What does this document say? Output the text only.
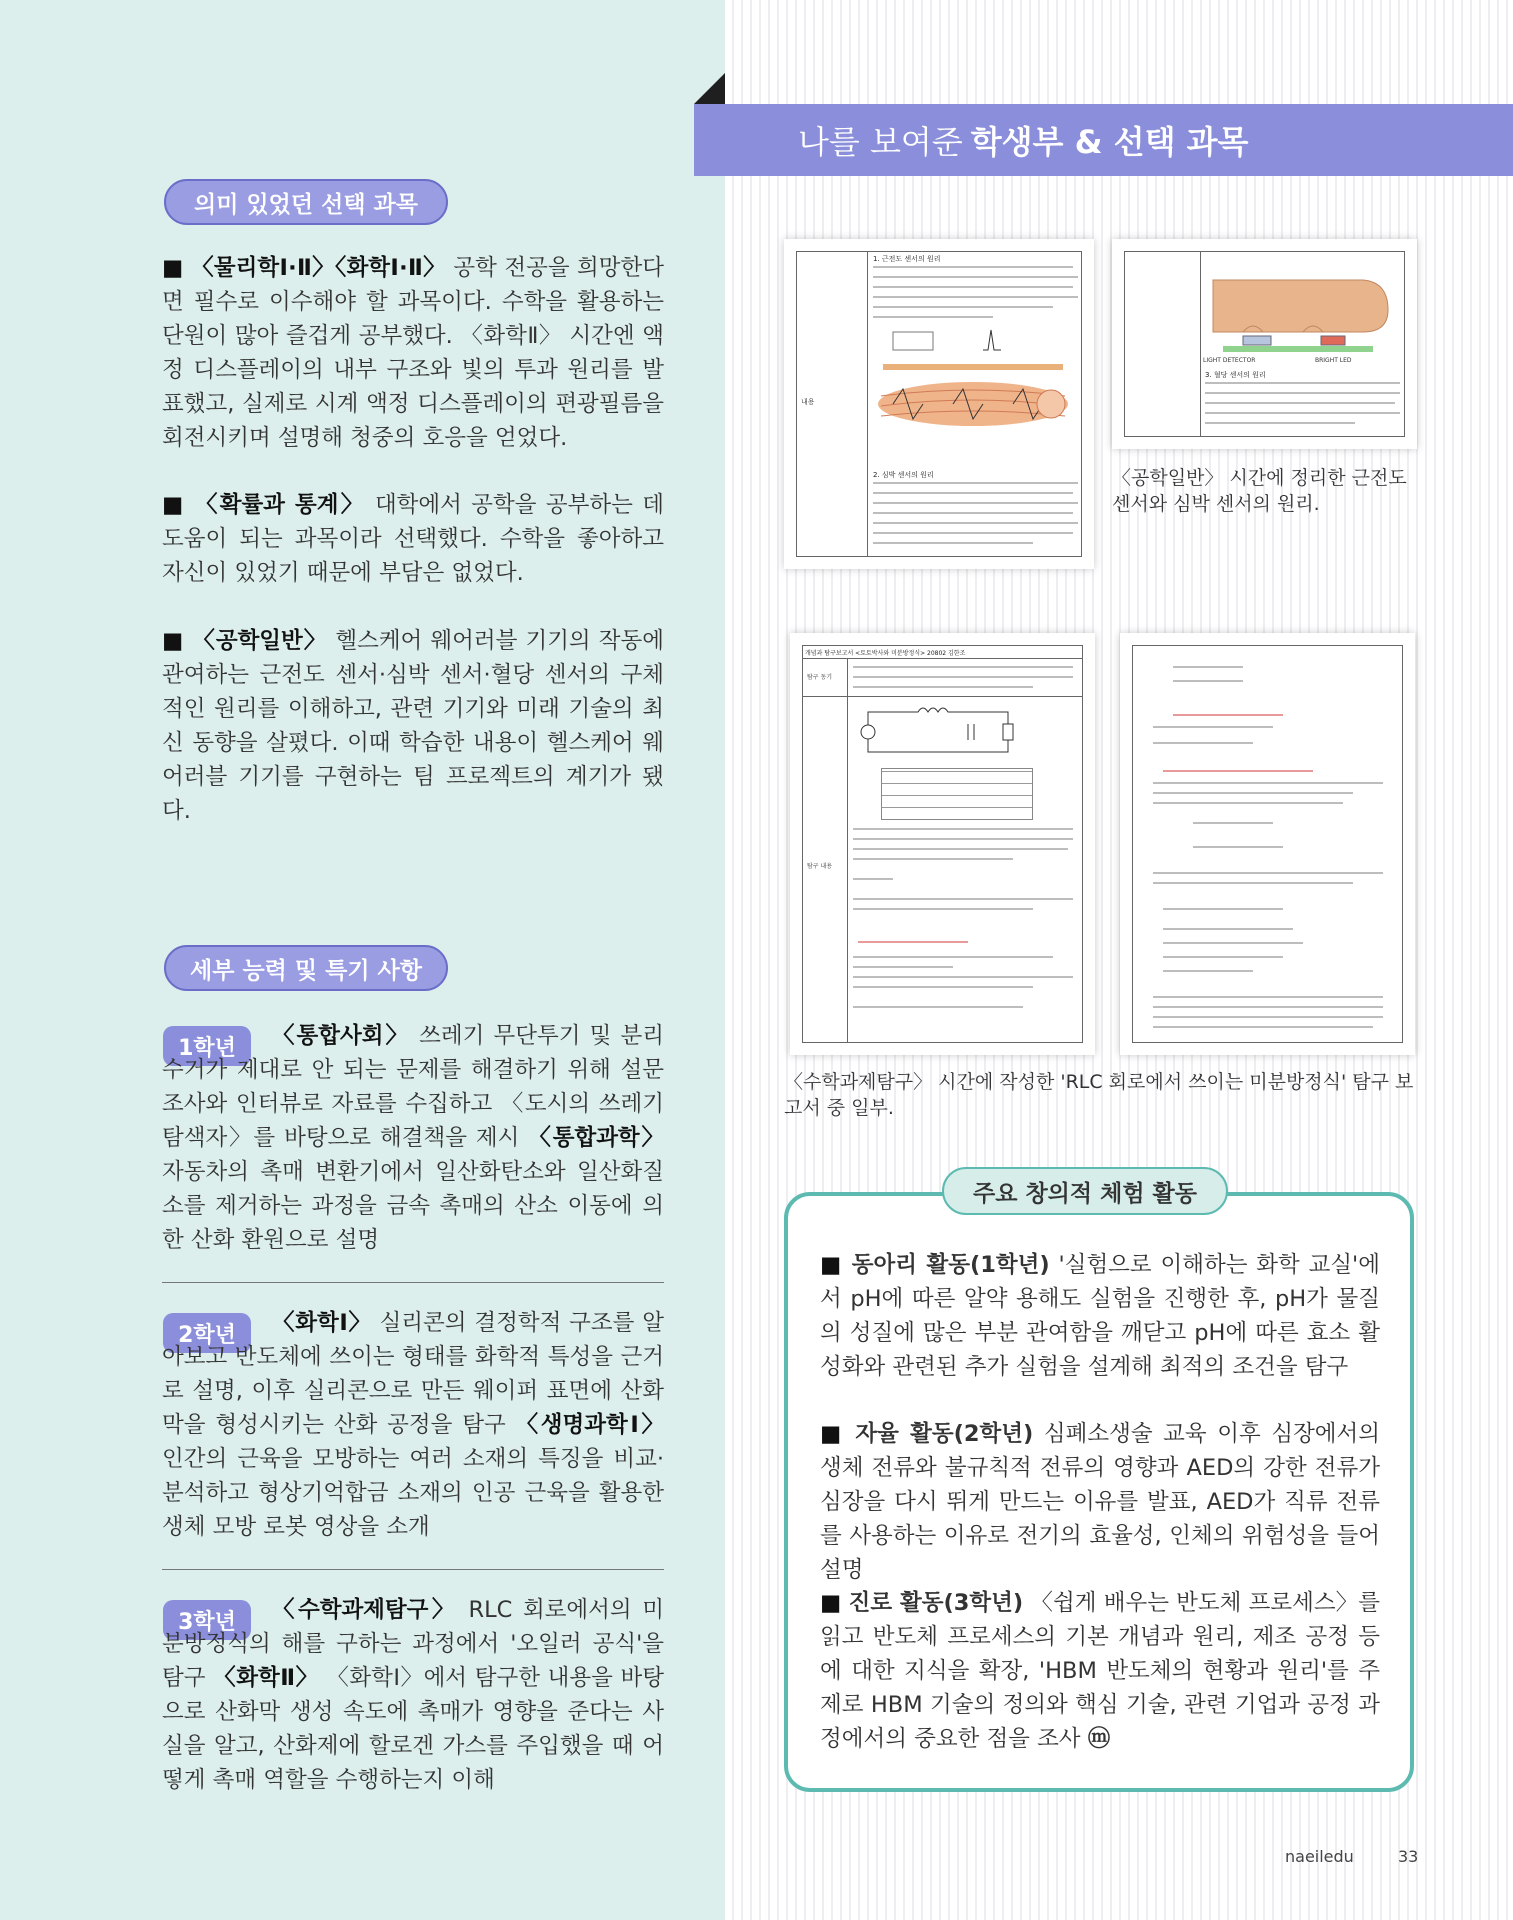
나를 보여준 학생부 & 선택 과목
의미 있었던 선택 과목
■ 〈물리학Ⅰ·Ⅱ〉〈화학Ⅰ·Ⅱ〉 공학 전공을 희망한다면 필수로 이수해야 할 과목이다. 수학을 활용하는 단원이 많아 즐겁게 공부했다. 〈화학Ⅱ〉 시간엔 액정 디스플레이의 내부 구조와 빛의 투과 원리를 발표했고, 실제로 시계 액정 디스플레이의 편광필름을 회전시키며 설명해 청중의 호응을 얻었다.
■ 〈확률과 통계〉 대학에서 공학을 공부하는 데 도움이 되는 과목이라 선택했다. 수학을 좋아하고 자신이 있었기 때문에 부담은 없었다.
■ 〈공학일반〉 헬스케어 웨어러블 기기의 작동에 관여하는 근전도 센서·심박 센서·혈당 센서의 구체적인 원리를 이해하고, 관련 기기와 미래 기술의 최신 동향을 살폈다. 이때 학습한 내용이 헬스케어 웨어러블 기기를 구현하는 팀 프로젝트의 계기가 됐다.
세부 능력 및 특기 사항
1학년	〈통합사회〉 쓰레기 무단투기 및 분리수거가 제대로 안 되는 문제를 해결하기 위해 설문 조사와 인터뷰로 자료를 수집하고 〈도시의 쓰레기 탐색자〉를 바탕으로 해결책을 제시 〈통합과학〉 자동차의 촉매 변환기에서 일산화탄소와 일산화질소를 제거하는 과정을 금속 촉매의 산소 이동에 의한 산화 환원으로 설명
2학년	〈화학Ⅰ〉 실리콘의 결정학적 구조를 알아보고 반도체에 쓰이는 형태를 화학적 특성을 근거로 설명, 이후 실리콘으로 만든 웨이퍼 표면에 산화막을 형성시키는 산화 공정을 탐구 〈생명과학Ⅰ〉 인간의 근육을 모방하는 여러 소재의 특징을 비교·분석하고 형상기억합금 소재의 인공 근육을 활용한 생체 모방 로봇 영상을 소개
3학년	〈수학과제탐구〉 RLC 회로에서의 미분방정식의 해를 구하는 과정에서 '오일러 공식'을 탐구 〈화학Ⅱ〉 〈화학Ⅰ〉에서 탐구한 내용을 바탕으로 산화막 생성 속도에 촉매가 영향을 준다는 사실을 알고, 산화제에 할로겐 가스를 주입했을 때 어떻게 촉매 역할을 수행하는지 이해
내용
1. 근전도 센서의 원리
2. 심박 센서의 원리
LIGHT DETECTOR	BRIGHT LED
3. 혈당 센서의 원리
〈공학일반〉 시간에 정리한 근전도 센서와 심박 센서의 원리.
개념과 탐구보고서 <토토박사와 미분방정식> 20802 김한조
탐구 동기
탐구 내용
〈수학과제탐구〉 시간에 작성한 'RLC 회로에서 쓰이는 미분방정식' 탐구 보고서 중 일부.
주요 창의적 체험 활동
■ 동아리 활동(1학년) '실험으로 이해하는 화학 교실'에서 pH에 따른 알약 용해도 실험을 진행한 후, pH가 물질의 성질에 많은 부분 관여함을 깨닫고 pH에 따른 효소 활성화와 관련된 추가 실험을 설계해 최적의 조건을 탐구
■ 자율 활동(2학년) 심폐소생술 교육 이후 심장에서의 생체 전류와 불규칙적 전류의 영향과 AED의 강한 전류가 심장을 다시 뛰게 만드는 이유를 발표, AED가 직류 전류를 사용하는 이유로 전기의 효율성, 인체의 위험성을 들어 설명
■ 진로 활동(3학년) 〈쉽게 배우는 반도체 프로세스〉를 읽고 반도체 프로세스의 기본 개념과 원리, 제조 공정 등에 대한 지식을 확장, 'HBM 반도체의 현황과 원리'를 주제로 HBM 기술의 정의와 핵심 기술, 관련 기업과 공정 과정에서의 중요한 점을 조사 ⓜ
naeiledu	33
